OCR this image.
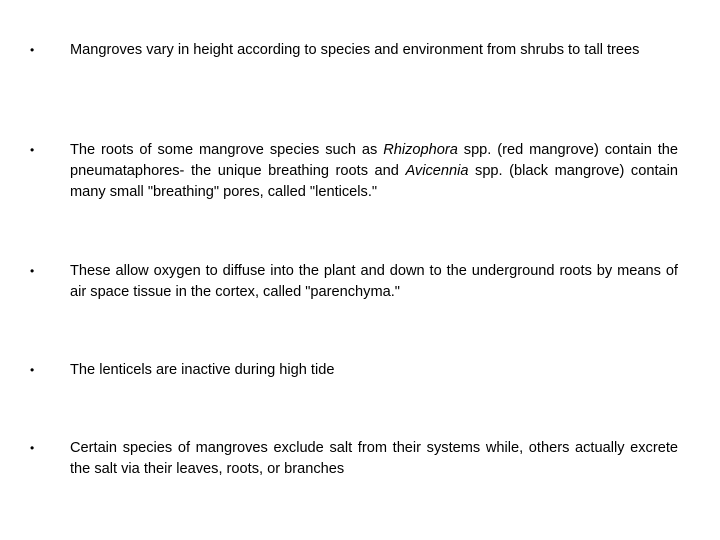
•	Mangroves vary in height according to species and environment from shrubs to tall trees
•	The roots of some mangrove species such as Rhizophora spp. (red mangrove) contain the pneumataphores- the unique breathing roots and Avicennia spp. (black mangrove) contain many small "breathing" pores, called "lenticels."
•	These allow oxygen to diffuse into the plant and down to the underground roots by means of air space tissue in the cortex, called "parenchyma."
•	The lenticels are inactive during high tide
•	Certain species of mangroves exclude salt from their systems while, others actually excrete the salt via their leaves, roots, or branches
